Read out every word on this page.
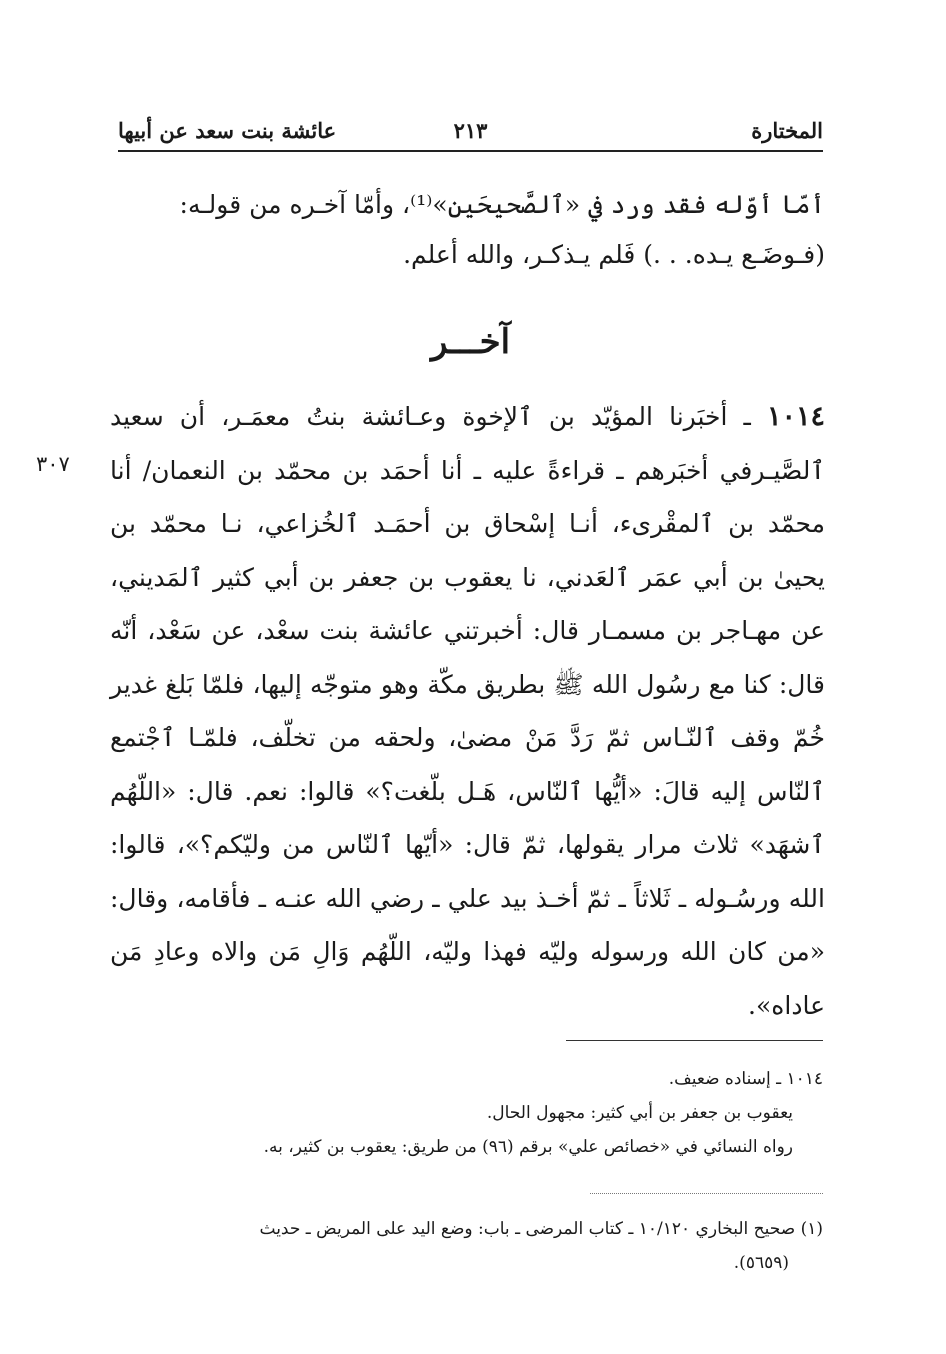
المختارة
٢١٣
عائشة بنت سعد عن أبيها

أمّا أوّله فقد ورد في «ٱلصَّحيحَين»⁽¹⁾، وأمّا آخـره من قولـه:

(فـوضَـع يـده. . .) فَلم يـذكـر، والله أعلم.

آخـــر

١٠١٤ ـ أخبَرنا المؤيّد بن ٱلإخوة وعـائشة بنتُ معمَـر، أن سعيد ٱلصَّيـرفي أخبَرهم ـ قراءةً عليه ـ أنا أحمَد بن محمّد بن النعمان/ أنا محمّد بن ٱلمقْرىء، أنـا إسْحاق بن أحمَـد ٱلخُزاعي، نـا محمّد بن يحيىٰ بن أبي عمَر ٱلعَدني، نا يعقوب بن جعفر بن أبي كثير ٱلمَديني، عن مهـاجر بن مسمـار قال: أخبرتني عائشة بنت سعْد، عن سَعْد، أنّه قال: كنا مع رسُول الله ﷺ بطريق مكّة وهو متوجّه إليها، فلمّا بَلغ غدير خُمّ وقف ٱلنّـاس ثمّ رَدَّ مَنْ مضىٰ، ولحقه من تخلّف، فلمّـا ٱجْتمع ٱلنّاس إليه قالَ: «أيُّها ٱلنّاس، هَـل بلّغت؟» قالوا: نعم. قال: «اللّهُم ٱشهَد» ثلاث مرار يقولها، ثمّ قال: «أيّها ٱلنّاس من وليّكم؟»، قالوا: الله ورسُـوله ـ ثَلاثاً ـ ثمّ أخـذ بيد علي ـ رضي الله عنـه ـ فأقامه، وقال: «من كان الله ورسوله وليّه فهذا وليّه، اللّهُم وَالِ مَن والاه وعادِ مَن عاداه».

٣٠٧

١٠١٤ ـ إسناده ضعيف.

يعقوب بن جعفر بن أبي كثير: مجهول الحال.

رواه النسائي في «خصائص علي» برقم (٩٦) من طريق: يعقوب بن كثير، به.

(١) صحيح البخاري ١٠/١٢٠ ـ كتاب المرضى ـ باب: وضع اليد على المريض ـ حديث

(٥٦٥٩).
